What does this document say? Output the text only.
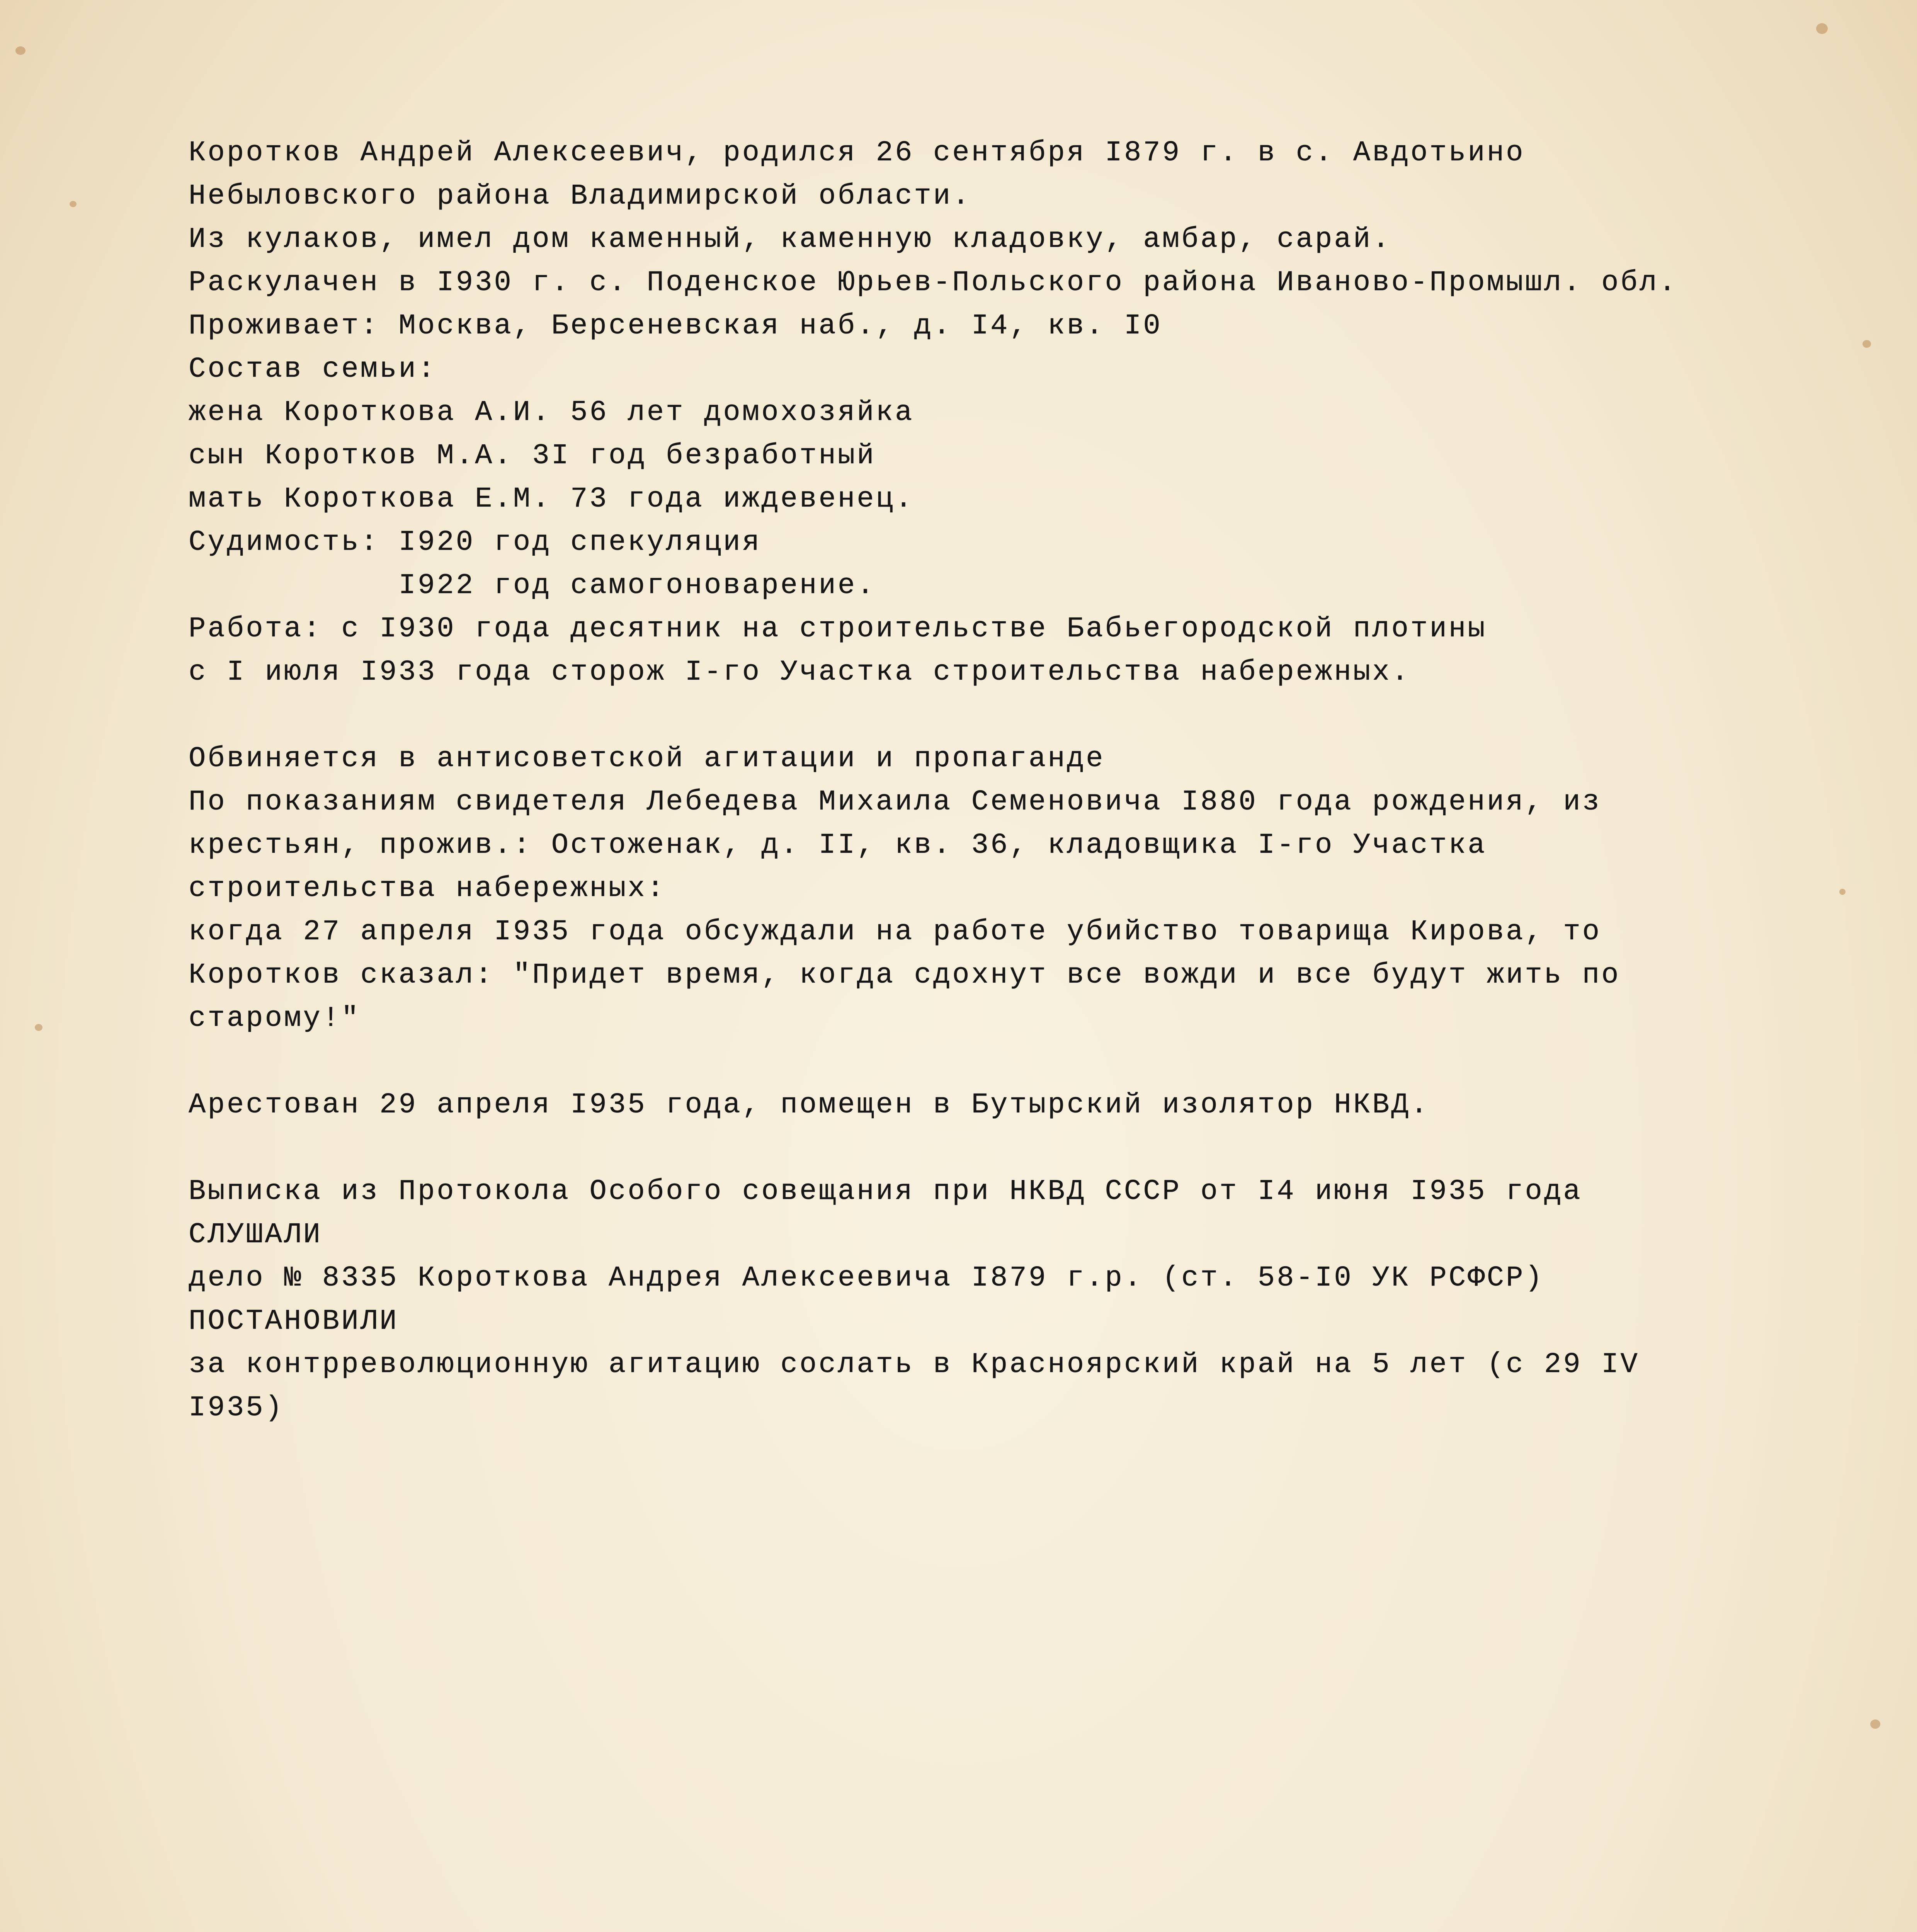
Коротков Андрей Алексеевич, родился 26 сентября I879 г. в с. Авдотьино
Небыловского района Владимирской области.
Из кулаков, имел дом каменный, каменную кладовку, амбар, сарай.
Раскулачен в I930 г. с. Поденское Юрьев-Польского района Иваново-Промышл. обл.
Проживает: Москва, Берсеневская наб., д. I4, кв. I0
Состав семьи:
жена Короткова А.И. 56 лет домохозяйка
сын Коротков М.А. 3I год безработный
мать Короткова Е.М. 73 года иждевенец.
Судимость: I920 год спекуляция
I922 год самогоноварение.
Работа: с I930 года десятник на строительстве Бабьегородской плотины
с I июля I933 года сторож I-го Участка строительства набережных.
Обвиняется в антисоветской агитации и пропаганде
По показаниям свидетеля Лебедева Михаила Семеновича I880 года рождения, из
крестьян, прожив.: Остоженак, д. II, кв. 36, кладовщика I-го Участка
строительства набережных:
когда 27 апреля I935 года обсуждали на работе убийство товарища Кирова, то
Коротков сказал: "Придет время, когда сдохнут все вожди и все будут жить по
старому!"
Арестован 29 апреля I935 года, помещен в Бутырский изолятор НКВД.
Выписка из Протокола Особого совещания при НКВД СССР от I4 июня I935 года
СЛУШАЛИ
дело № 8335 Короткова Андрея Алексеевича I879 г.р. (ст. 58-I0 УК РСФСР)
ПОСТАНОВИЛИ
за контрреволюционную агитацию сослать в Красноярский край на 5 лет (с 29 IV
I935)
